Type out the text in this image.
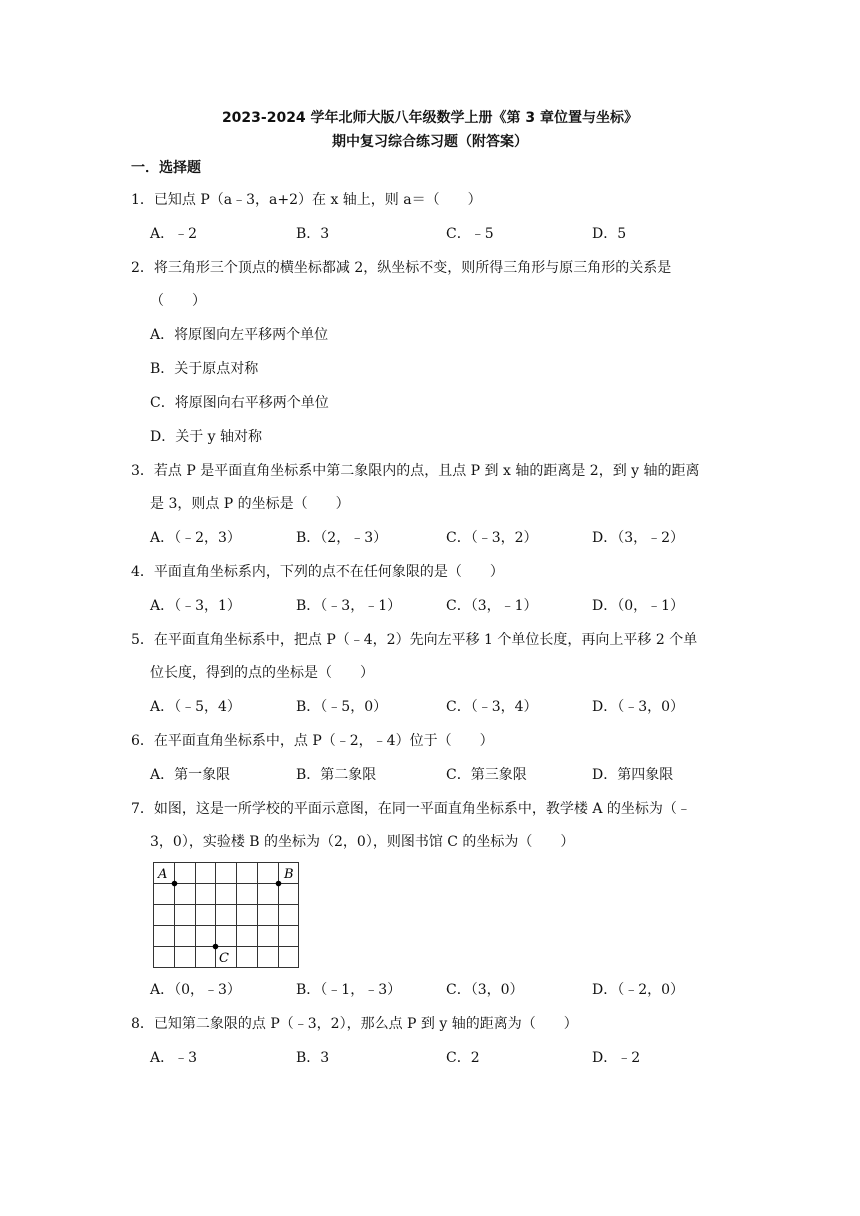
2023-2024 学年北师大版八年级数学上册《第 3 章位置与坐标》
期中复习综合练习题（附答案）
一．选择题
1．已知点 P（a﹣3，a+2）在 x 轴上，则 a＝（　　）
A．﹣2	B．3	C．﹣5	D．5
2．将三角形三个顶点的横坐标都减 2，纵坐标不变，则所得三角形与原三角形的关系是
（　　）
A．将原图向左平移两个单位
B．关于原点对称
C．将原图向右平移两个单位
D．关于 y 轴对称
3．若点 P 是平面直角坐标系中第二象限内的点，且点 P 到 x 轴的距离是 2，到 y 轴的距离
是 3，则点 P 的坐标是（　　）
A．（﹣2，3）	B．（2，﹣3）	C．（﹣3，2）	D．（3，﹣2）
4．平面直角坐标系内，下列的点不在任何象限的是（　　）
A．（﹣3，1）	B．（﹣3，﹣1）	C．（3，﹣1）	D．（0，﹣1）
5．在平面直角坐标系中，把点 P（﹣4，2）先向左平移 1 个单位长度，再向上平移 2 个单
位长度，得到的点的坐标是（　　）
A．（﹣5，4）	B．（﹣5，0）	C．（﹣3，4）	D．（﹣3，0）
6．在平面直角坐标系中，点 P（﹣2，﹣4）位于（　　）
A．第一象限	B．第二象限	C．第三象限	D．第四象限
7．如图，这是一所学校的平面示意图，在同一平面直角坐标系中，教学楼 A 的坐标为（﹣
3，0），实验楼 B 的坐标为（2，0），则图书馆 C 的坐标为（　　）
A	B
C
A．（0，﹣3）	B．（﹣1，﹣3）	C．（3，0）	D．（﹣2，0）
8．已知第二象限的点 P（﹣3，2），那么点 P 到 y 轴的距离为（　　）
A．﹣3	B．3	C．2	D．﹣2
